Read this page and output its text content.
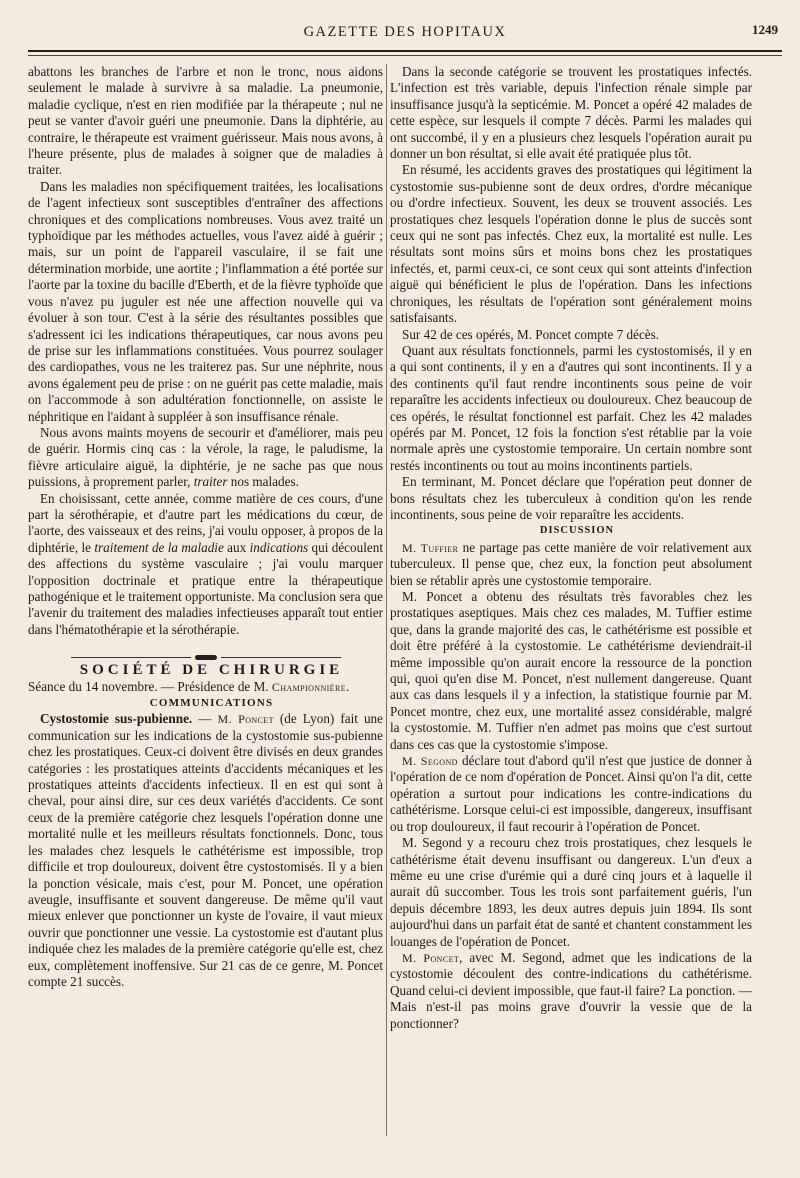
GAZETTE DES HOPITAUX	1249

abattons les branches de l'arbre et non le tronc, nous aidons seulement le malade à survivre à sa maladie. La pneumonie, maladie cyclique, n'est en rien modifiée par la thérapeute ; nul ne peut se vanter d'avoir guéri une pneumonie. Dans la diphtérie, au contraire, le thérapeute est vraiment guérisseur. Mais nous avons, à l'heure présente, plus de malades à soigner que de maladies à traiter.

Dans les maladies non spécifiquement traitées, les localisations de l'agent infectieux sont susceptibles d'entraîner des affections chroniques et des complications nombreuses. Vous avez traité un typhoïdique par les méthodes actuelles, vous l'avez aidé à guérir ; mais, sur un point de l'appareil vasculaire, il se fait une détermination morbide, une aortite ; l'inflammation a été portée sur l'aorte par la toxine du bacille d'Eberth, et de la fièvre typhoïde que vous n'avez pu juguler est née une affection nouvelle qui va évoluer à son tour. C'est à la série des résultantes possibles que s'adressent ici les indications thérapeutiques, car nous avons peu de prise sur les inflammations constituées. Vous pourrez soulager des cardiopathes, vous ne les traiterez pas. Sur une néphrite, nous avons également peu de prise : on ne guérit pas cette maladie, mais on l'accommode à son adultération fonctionnelle, on assiste le néphritique en l'aidant à suppléer à son insuffisance rénale.

Nous avons maints moyens de secourir et d'améliorer, mais peu de guérir. Hormis cinq cas : la vérole, la rage, le paludisme, la fièvre articulaire aiguë, la diphtérie, je ne sache pas que nous puissions, à proprement parler, traiter nos malades.

En choisissant, cette année, comme matière de ces cours, d'une part la sérothérapie, et d'autre part les médications du cœur, de l'aorte, des vaisseaux et des reins, j'ai voulu opposer, à propos de la diphtérie, le traitement de la maladie aux indications qui découlent des affections du système vasculaire ; j'ai voulu marquer l'opposition doctrinale et pratique entre la thérapeutique pathogénique et le traitement opportuniste. Ma conclusion sera que l'avenir du traitement des maladies infectieuses apparaît tout entier dans l'hématothérapie et la sérothérapie.

SOCIÉTÉ DE CHIRURGIE

Séance du 14 novembre. — Présidence de M. Championnière.

COMMUNICATIONS

Cystostomie sus-pubienne. — M. Poncet (de Lyon) fait une communication sur les indications de la cystostomie sus-pubienne chez les prostatiques. Ceux-ci doivent être divisés en deux grandes catégories : les prostatiques atteints d'accidents mécaniques et les prostatiques atteints d'accidents infectieux. Il en est qui sont à cheval, pour ainsi dire, sur ces deux variétés d'accidents. Ce sont ceux de la première catégorie chez lesquels l'opération donne une mortalité nulle et les meilleurs résultats fonctionnels. Donc, tous les malades chez lesquels le cathétérisme est impossible, trop difficile et trop douloureux, doivent être cystostomisés. Il y a bien la ponction vésicale, mais c'est, pour M. Poncet, une opération aveugle, insuffisante et souvent dangereuse. De même qu'il vaut mieux enlever que ponctionner un kyste de l'ovaire, il vaut mieux ouvrir que ponctionner une vessie. La cystostomie est d'autant plus indiquée chez les malades de la première catégorie qu'elle est, chez eux, complètement inoffensive. Sur 21 cas de ce genre, M. Poncet compte 21 succès.

Dans la seconde catégorie se trouvent les prostatiques infectés. L'infection est très variable, depuis l'infection rénale simple par insuffisance jusqu'à la septicémie. M. Poncet a opéré 42 malades de cette espèce, sur lesquels il compte 7 décès. Parmi les malades qui ont succombé, il y en a plusieurs chez lesquels l'opération aurait pu donner un bon résultat, si elle avait été pratiquée plus tôt.

En résumé, les accidents graves des prostatiques qui légitiment la cystostomie sus-pubienne sont de deux ordres, d'ordre mécanique ou d'ordre infectieux. Souvent, les deux se trouvent associés. Les prostatiques chez lesquels l'opération donne le plus de succès sont ceux qui ne sont pas infectés. Chez eux, la mortalité est nulle. Les résultats sont moins sûrs et moins bons chez les prostatiques infectés, et, parmi ceux-ci, ce sont ceux qui sont atteints d'infection aiguë qui bénéficient le plus de l'opération. Dans les infections chroniques, les résultats de l'opération sont généralement moins satisfaisants.

Sur 42 de ces opérés, M. Poncet compte 7 décès.

Quant aux résultats fonctionnels, parmi les cystostomisés, il y en a qui sont continents, il y en a d'autres qui sont incontinents. Il y a des continents qu'il faut rendre incontinents sous peine de voir reparaître les accidents infectieux ou douloureux. Chez beaucoup de ces opérés, le résultat fonctionnel est parfait. Chez les 42 malades opérés par M. Poncet, 12 fois la fonction s'est rétablie par la voie normale après une cystostomie temporaire. Un certain nombre sont restés incontinents ou tout au moins incontinents partiels.

En terminant, M. Poncet déclare que l'opération peut donner de bons résultats chez les tuberculeux à condition qu'on les rende incontinents, sous peine de voir reparaître les accidents.

DISCUSSION

M. Tuffier ne partage pas cette manière de voir relativement aux tuberculeux. Il pense que, chez eux, la fonction peut absolument bien se rétablir après une cystostomie temporaire.

M. Poncet a obtenu des résultats très favorables chez les prostatiques aseptiques. Mais chez ces malades, M. Tuffier estime que, dans la grande majorité des cas, le cathétérisme est possible et doit être préféré à la cystostomie. Le cathétérisme deviendrait-il même impossible qu'on aurait encore la ressource de la ponction qui, quoi qu'en dise M. Poncet, n'est nullement dangereuse. Quant aux cas dans lesquels il y a infection, la statistique fournie par M. Poncet montre, chez eux, une mortalité assez considérable, malgré la cystostomie. M. Tuffier n'en admet pas moins que c'est surtout dans ces cas que la cystostomie s'impose.

M. Segond déclare tout d'abord qu'il n'est que justice de donner à l'opération de ce nom d'opération de Poncet. Ainsi qu'on l'a dit, cette opération a surtout pour indications les contre-indications du cathétérisme. Lorsque celui-ci est impossible, dangereux, insuffisant ou trop douloureux, il faut recourir à l'opération de Poncet.

M. Segond y a recouru chez trois prostatiques, chez lesquels le cathétérisme était devenu insuffisant ou dangereux. L'un d'eux a même eu une crise d'urémie qui a duré cinq jours et à laquelle il aurait dû succomber. Tous les trois sont parfaitement guéris, l'un depuis décembre 1893, les deux autres depuis juin 1894. Ils sont aujourd'hui dans un parfait état de santé et chantent constamment les louanges de l'opération de Poncet.

M. Poncet, avec M. Segond, admet que les indications de la cystostomie découlent des contre-indications du cathétérisme. Quand celui-ci devient impossible, que faut-il faire? La ponction. — Mais n'est-il pas moins grave d'ouvrir la vessie que de la ponctionner?
